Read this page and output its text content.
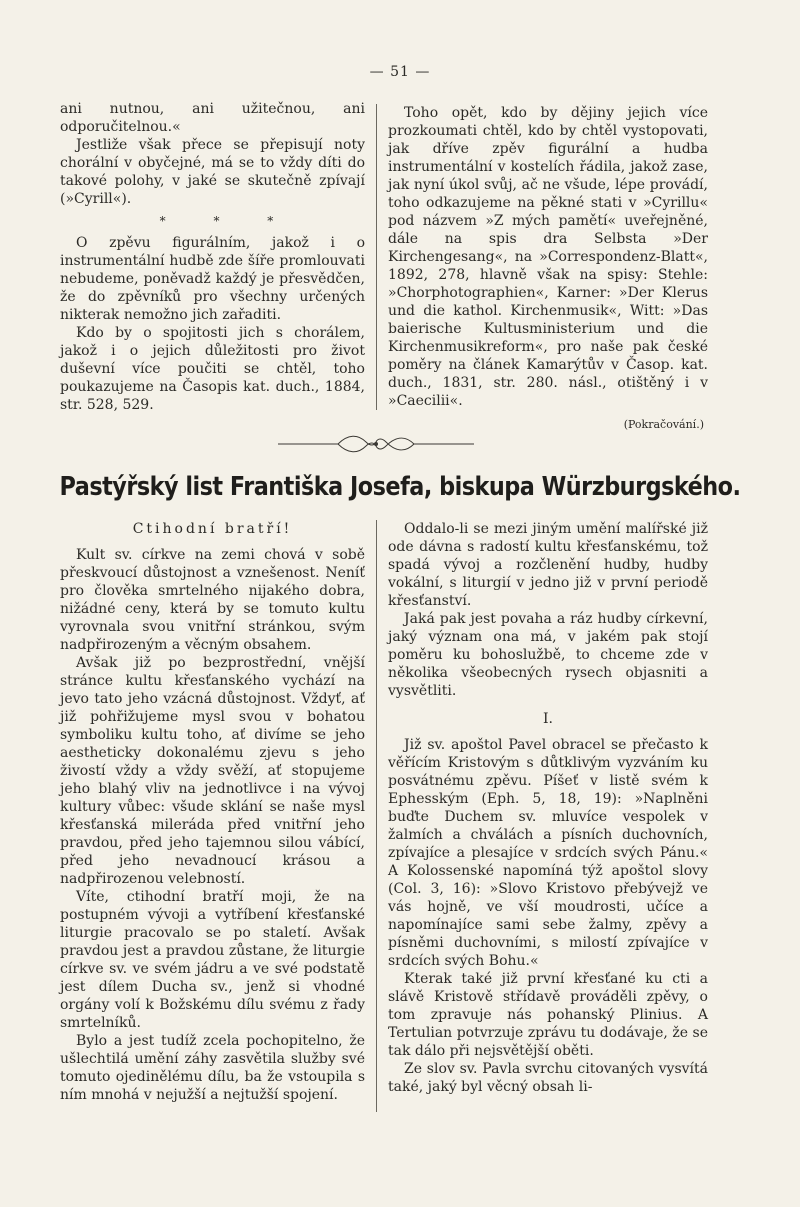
— 51 —

ani nutnou, ani užitečnou, ani odporučitelnou.«

Jestliže však přece se přepisují noty chorální v obyčejné, má se to vždy díti do takové polohy, v jaké se skutečně zpívají (»Cyrill«).

* * *

O zpěvu figurálním, jakož i o instrumentální hudbě zde šíře promlouvati nebudeme, poněvadž každý je přesvědčen, že do zpěvníků pro všechny určených nikterak nemožno jich zařaditi.

Kdo by o spojitosti jich s chorálem, jakož i o jejich důležitosti pro život duševní více poučiti se chtěl, toho poukazujeme na Časopis kat. duch., 1884, str. 528, 529.

Toho opět, kdo by dějiny jejich více prozkoumati chtěl, kdo by chtěl vystopovati, jak dříve zpěv figurální a hudba instrumentální v kostelích řádila, jakož zase, jak nyní úkol svůj, ač ne všude, lépe provádí, toho odkazujeme na pěkné stati v »Cyrillu« pod názvem »Z mých pamětí« uveřejněné, dále na spis dra Selbsta »Der Kirchengesang«, na »Correspondenz-Blatt«, 1892, 278, hlavně však na spisy: Stehle: »Chorphotographien«, Karner: »Der Klerus und die kathol. Kirchenmusik«, Witt: »Das baierische Kultusministerium und die Kirchenmusikreform«, pro naše pak české poměry na článek Kamarýtův v Časop. kat. duch., 1831, str. 280. násl., otištěný i v »Caecilii«.

(Pokračování.)
Pastýřský list Františka Josefa, biskupa Würzburgského.
Ctihodní bratří!

Kult sv. církve na zemi chová v sobě přeskvoucí důstojnost a vznešenost. Neníť pro člověka smrtelného nijakého dobra, nižádné ceny, která by se tomuto kultu vyrovnala svou vnitřní stránkou, svým nadpřirozeným a věcným obsahem.

Avšak již po bezprostřední, vnější stránce kultu křesťanského vychází na jevo tato jeho vzácná důstojnost. Vždyť, ať již pohřižujeme mysl svou v bohatou symboliku kultu toho, ať divíme se jeho aestheticky dokonalému zjevu s jeho živostí vždy a vždy svěží, ať stopujeme jeho blahý vliv na jednotlivce i na vývoj kultury vůbec: všude sklání se naše mysl křesťanská mileráda před vnitřní jeho pravdou, před jeho tajemnou silou vábící, před jeho nevadnoucí krásou a nadpřirozenou velebností.

Víte, ctihodní bratří moji, že na postupném vývoji a vytříbení křesťanské liturgie pracovalo se po staletí. Avšak pravdou jest a pravdou zůstane, že liturgie církve sv. ve svém jádru a ve své podstatě jest dílem Ducha sv., jenž si vhodné orgány volí k Božskému dílu svému z řady smrtelníků.

Bylo a jest tudíž zcela pochopitelno, že ušlechtilá umění záhy zasvětila služby své tomuto ojedinělému dílu, ba že vstoupila s ním mnohá v nejužší a nejtužší spojení.

Oddalo-li se mezi jiným umění malířské již ode dávna s radostí kultu křesťanskému, tož spadá vývoj a rozčlenění hudby, hudby vokální, s liturgií v jedno již v první periodě křesťanství.

Jaká pak jest povaha a ráz hudby církevní, jaký význam ona má, v jakém pak stojí poměru ku bohoslužbě, to chceme zde v několika všeobecných rysech objasniti a vysvětliti.

I.

Již sv. apoštol Pavel obracel se přečasto k věřícím Kristovým s důtklivým vyzváním ku posvátnému zpěvu. Píšeť v listě svém k Ephesským (Eph. 5, 18, 19): »Naplněni buďte Duchem sv. mluvíce vespolek v žalmích a chváláсh a písních duchovních, zpívajíce a plesajíce v srdcích svých Pánu.« A Kolossenské napomíná týž apoštol slovy (Col. 3, 16): »Slovo Kristovo přebývejž ve vás hojně, ve vší moudrosti, učíce a napomínajíce sami sebe žalmy, zpěvy a písněmi duchovními, s milostí zpívajíce v srdcích svých Bohu.«

Kterak také již první křesťané ku cti a slávě Kristově střídavě prováděli zpěvy, o tom zpravuje nás pohanský Plinius. A Tertulian potvrzuje zprávu tu dodávaje, že se tak dálo při nejsvětější oběti.

Ze slov sv. Pavla svrchu citovaných vysvítá také, jaký byl věcný obsah li-
